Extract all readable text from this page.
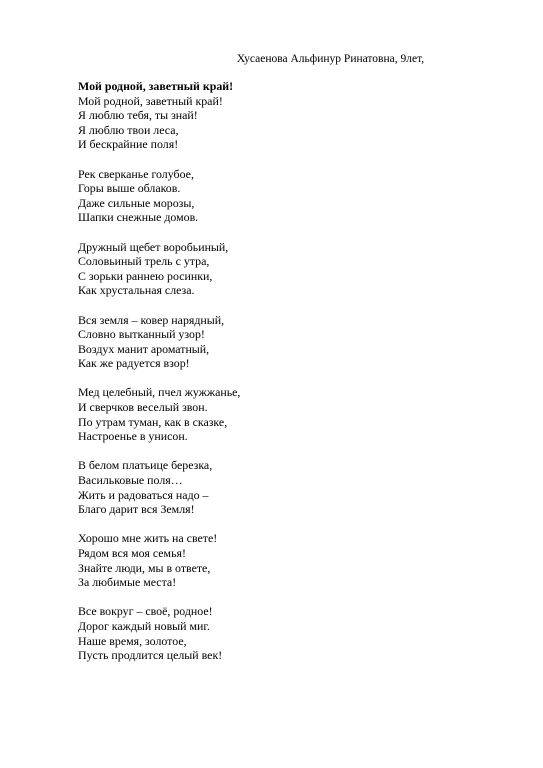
Хусаенова Альфинур Ринатовна, 9лет,
Мой родной, заветный край!
Мой родной, заветный край!
Я люблю тебя, ты знай!
Я люблю твои леса,
И бескрайние поля!
Рек сверканье голубое,
Горы выше облаков.
Даже сильные морозы,
Шапки снежные домов.
Дружный щебет воробьиный,
Соловьиный трель с утра,
С зорьки раннею росинки,
Как хрустальная слеза.
Вся земля – ковер нарядный,
Словно вытканный узор!
Воздух манит ароматный,
Как же радуется взор!
Мед целебный, пчел жужжанье,
И сверчков веселый звон.
По утрам туман, как в сказке,
Настроенье в унисон.
В белом платьице березка,
Васильковые поля…
Жить и радоваться надо –
Благо дарит вся Земля!
Хорошо мне жить на свете!
Рядом вся моя семья!
Знайте люди, мы в ответе,
За любимые места!
Все вокруг – своё, родное!
Дорог каждый новый миг.
Наше время, золотое,
Пусть продлится целый век!
